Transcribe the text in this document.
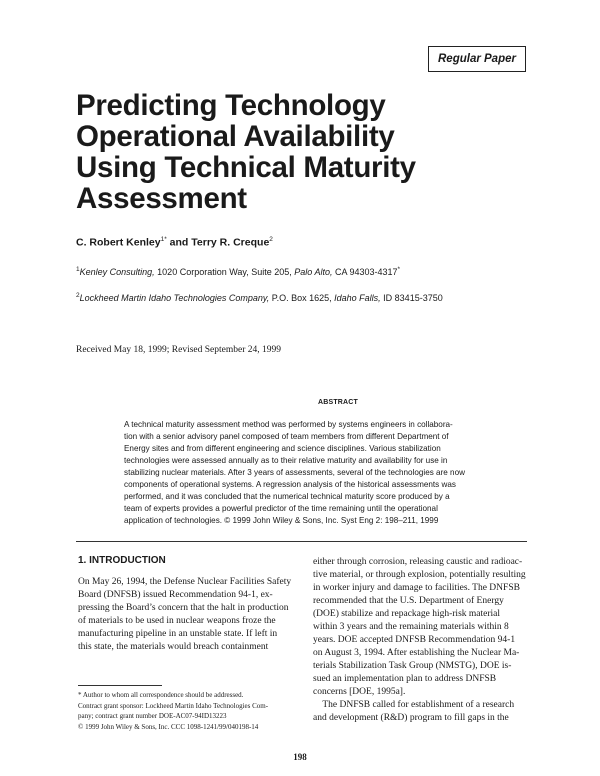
Regular Paper
Predicting Technology
Operational Availability
Using Technical Maturity
Assessment
C. Robert Kenley$^{1*}$ and Terry R. Creque$^2$
$^1$Kenley Consulting, 1020 Corporation Way, Suite 205, Palo Alto, CA 94303-4317*
$^2$Lockheed Martin Idaho Technologies Company, P.O. Box 1625, Idaho Falls, ID 83415-3750
Received May 18, 1999; Revised September 24, 1999
ABSTRACT
A technical maturity assessment method was performed by systems engineers in collabora-
tion with a senior advisory panel composed of team members from different Department of
Energy sites and from different engineering and science disciplines. Various stabilization
technologies were assessed annually as to their relative maturity and availability for use in
stabilizing nuclear materials. After 3 years of assessments, several of the technologies are now
components of operational systems. A regression analysis of the historical assessments was
performed, and it was concluded that the numerical technical maturity score produced by a
team of experts provides a powerful predictor of the time remaining until the operational
application of technologies. © 1999 John Wiley & Sons, Inc. Syst Eng 2: 198–211, 1999
1. INTRODUCTION
On May 26, 1994, the Defense Nuclear Facilities Safety
Board (DNFSB) issued Recommendation 94-1, ex-
pressing the Board’s concern that the halt in production
of materials to be used in nuclear weapons froze the
manufacturing pipeline in an unstable state. If left in
this state, the materials would breach containment
either through corrosion, releasing caustic and radioac-
tive material, or through explosion, potentially resulting
in worker injury and damage to facilities. The DNFSB
recommended that the U.S. Department of Energy
(DOE) stabilize and repackage high-risk material
within 3 years and the remaining materials within 8
years. DOE accepted DNFSB Recommendation 94-1
on August 3, 1994. After establishing the Nuclear Ma-
terials Stabilization Task Group (NMSTG), DOE is-
sued an implementation plan to address DNFSB
concerns [DOE, 1995a].
The DNFSB called for establishment of a research
and development (R&D) program to fill gaps in the
* Author to whom all correspondence should be addressed.
Contract grant sponsor: Lockheed Martin Idaho Technologies Com-
pany; contract grant number DOE-AC07-94ID13223
© 1999 John Wiley & Sons, Inc. CCC 1098-1241/99/040198-14
198
